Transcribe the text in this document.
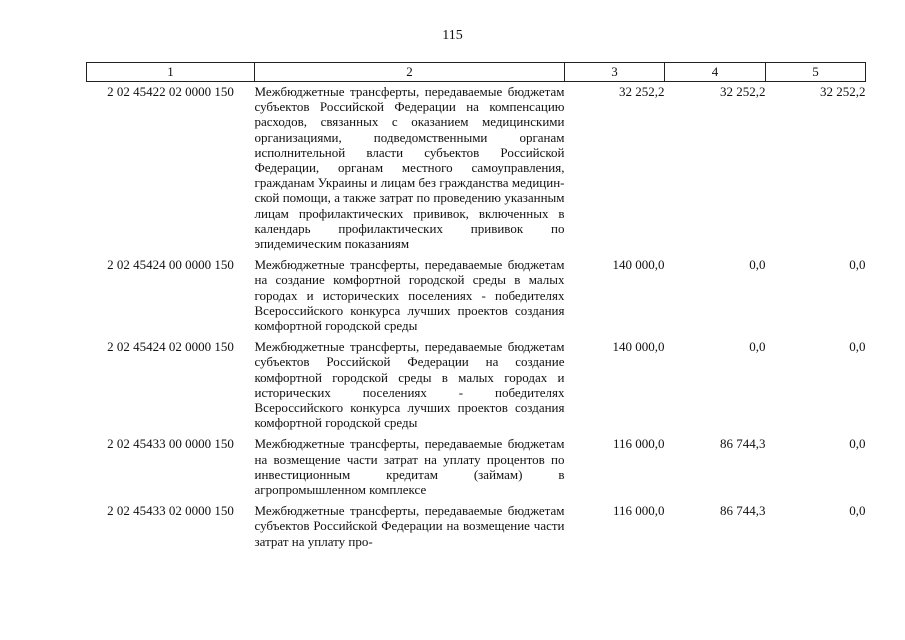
115
1	2	3	4	5
2 02 45422 02 0000 150	Межбюджетные трансферты, передаваемые бюджетам субъектов Российской Федерации на компенсацию расходов, связанных с оказанием медицинскими организациями, подведомственными органам исполнительной власти субъектов Российской Федерации, органам местного самоуправления, гражданам Украины и лицам без гражданства медицинской помощи, а также затрат по проведению указанным лицам профилактических прививок, включенных в календарь профилактических прививок по эпидемическим показаниям	32 252,2	32 252,2	32 252,2
2 02 45424 00 0000 150	Межбюджетные трансферты, передаваемые бюджетам на создание комфортной городской среды в малых городах и исторических поселениях - победителях Всероссийского конкурса лучших проектов создания комфортной городской среды	140 000,0	0,0	0,0
2 02 45424 02 0000 150	Межбюджетные трансферты, передаваемые бюджетам субъектов Российской Федерации на создание комфортной городской среды в малых городах и исторических поселениях - победителях Всероссийского конкурса лучших проектов создания комфортной городской среды	140 000,0	0,0	0,0
2 02 45433 00 0000 150	Межбюджетные трансферты, передаваемые бюджетам на возмещение части затрат на уплату процентов по инвестиционным кредитам (займам) в агропромышленном комплексе	116 000,0	86 744,3	0,0
2 02 45433 02 0000 150	Межбюджетные трансферты, передаваемые бюджетам субъектов Российской Федерации на возмещение части затрат на уплату про-	116 000,0	86 744,3	0,0
